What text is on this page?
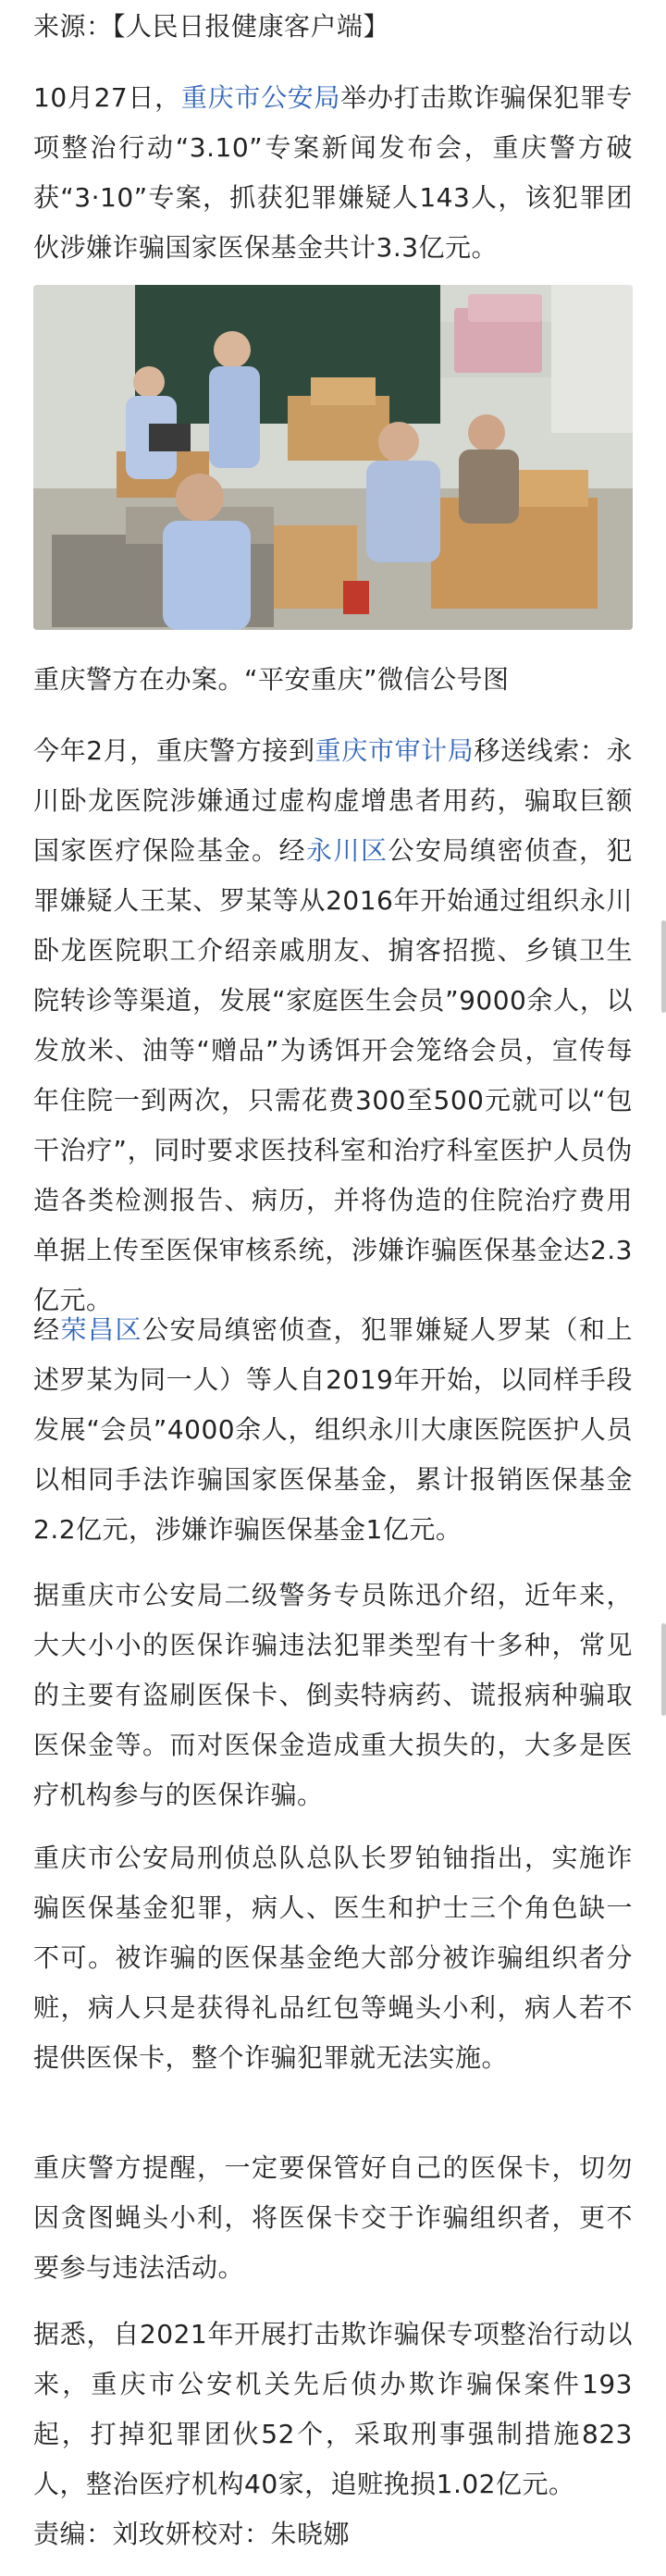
来源：【人民日报健康客户端】

10月27日，重庆市公安局举办打击欺诈骗保犯罪专项整治行动“3.10”专案新闻发布会，重庆警方破获“3·10”专案，抓获犯罪嫌疑人143人，该犯罪团伙涉嫌诈骗国家医保基金共计3.3亿元。

重庆警方在办案。“平安重庆”微信公号图

今年2月，重庆警方接到重庆市审计局移送线索：永川卧龙医院涉嫌通过虚构虚增患者用药，骗取巨额国家医疗保险基金。经永川区公安局缜密侦查，犯罪嫌疑人王某、罗某等从2016年开始通过组织永川卧龙医院职工介绍亲戚朋友、掮客招揽、乡镇卫生院转诊等渠道，发展“家庭医生会员”9000余人，以发放米、油等“赠品”为诱饵开会笼络会员，宣传每年住院一到两次，只需花费300至500元就可以“包干治疗”，同时要求医技科室和治疗科室医护人员伪造各类检测报告、病历，并将伪造的住院治疗费用单据上传至医保审核系统，涉嫌诈骗医保基金达2.3亿元。

经荣昌区公安局缜密侦查，犯罪嫌疑人罗某（和上述罗某为同一人）等人自2019年开始，以同样手段发展“会员”4000余人，组织永川大康医院医护人员以相同手法诈骗国家医保基金，累计报销医保基金2.2亿元，涉嫌诈骗医保基金1亿元。

据重庆市公安局二级警务专员陈迅介绍，近年来，大大小小的医保诈骗违法犯罪类型有十多种，常见的主要有盗刷医保卡、倒卖特病药、谎报病种骗取医保金等。而对医保金造成重大损失的，大多是医疗机构参与的医保诈骗。

重庆市公安局刑侦总队总队长罗铂铀指出，实施诈骗医保基金犯罪，病人、医生和护士三个角色缺一不可。被诈骗的医保基金绝大部分被诈骗组织者分赃，病人只是获得礼品红包等蝇头小利，病人若不提供医保卡，整个诈骗犯罪就无法实施。

重庆警方提醒，一定要保管好自己的医保卡，切勿因贪图蝇头小利，将医保卡交于诈骗组织者，更不要参与违法活动。

据悉，自2021年开展打击欺诈骗保专项整治行动以来，重庆市公安机关先后侦办欺诈骗保案件193起，打掉犯罪团伙52个，采取刑事强制措施823人，整治医疗机构40家，追赃挽损1.02亿元。

责编：刘玫妍校对：朱晓娜
